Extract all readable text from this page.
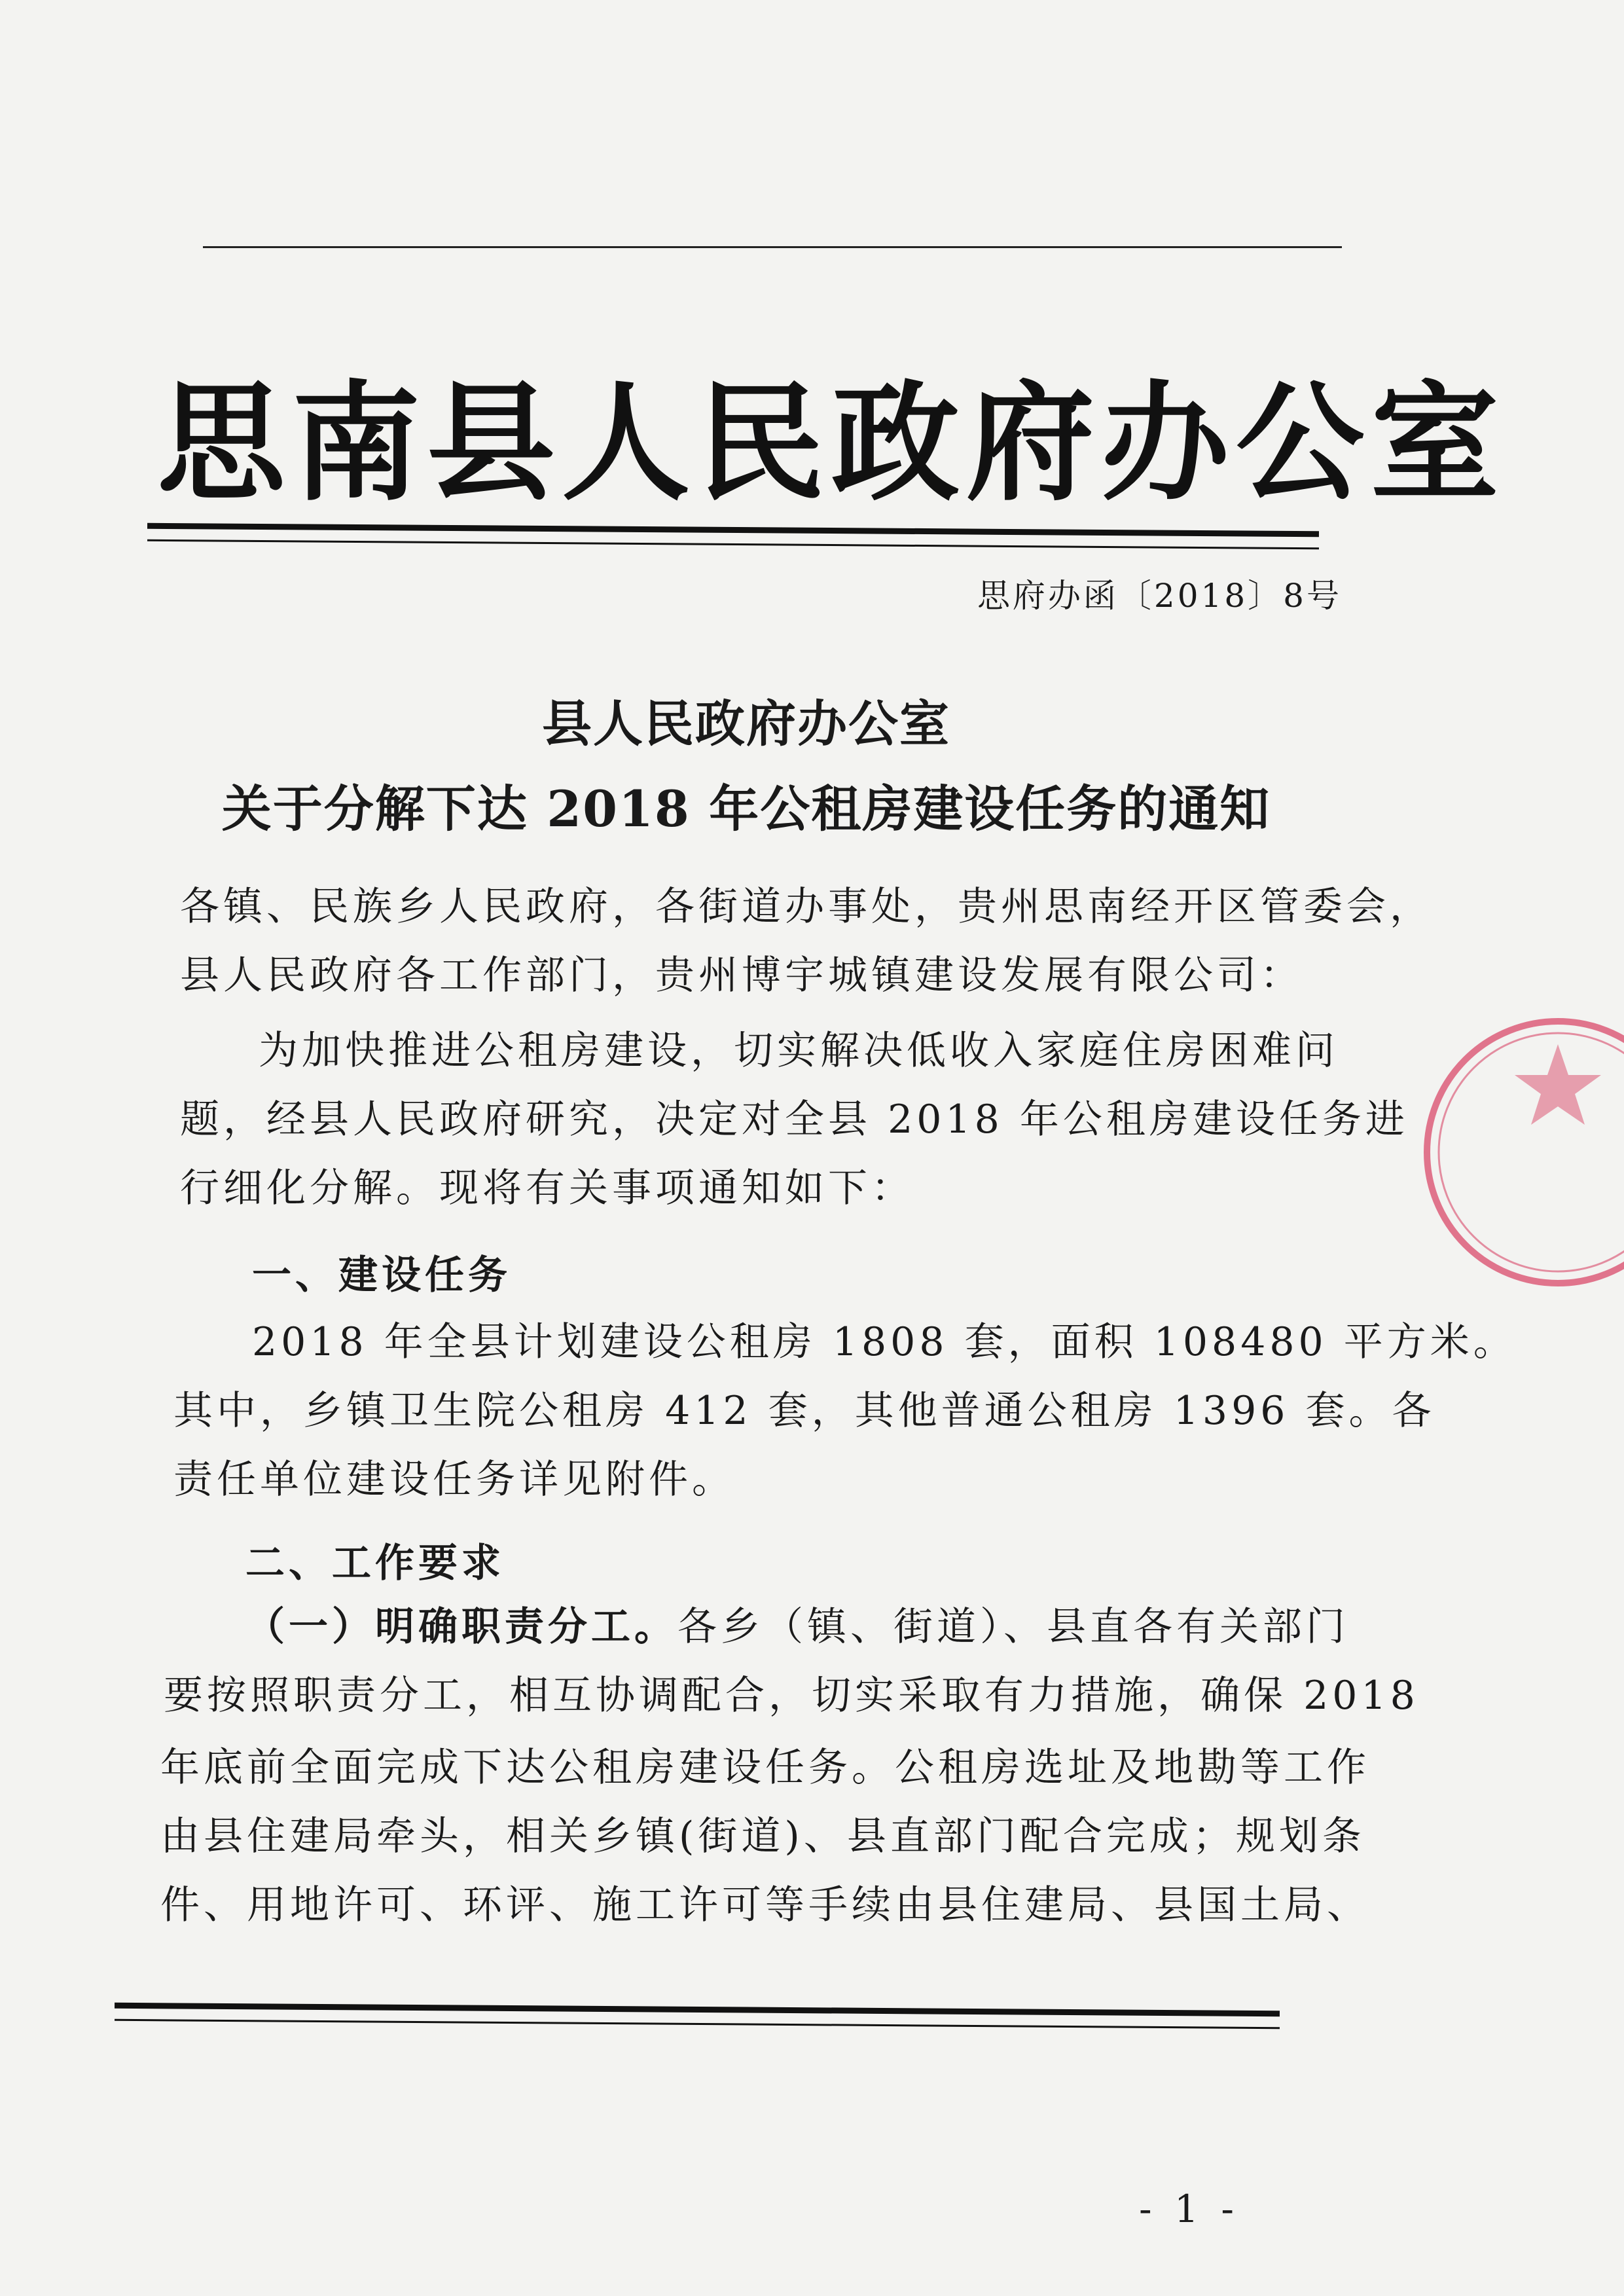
思南县人民政府办公室
思府办函〔2018〕8号
县人民政府办公室
关于分解下达 2018 年公租房建设任务的通知
各镇、民族乡人民政府，各街道办事处，贵州思南经开区管委会，
县人民政府各工作部门，贵州博宇城镇建设发展有限公司：
为加快推进公租房建设，切实解决低收入家庭住房困难问
题，经县人民政府研究，决定对全县 2018 年公租房建设任务进
行细化分解。现将有关事项通知如下：
一、建设任务
2018 年全县计划建设公租房 1808 套，面积 108480 平方米。
其中，乡镇卫生院公租房 412 套，其他普通公租房 1396 套。各
责任单位建设任务详见附件。
二、工作要求
（一）明确职责分工。各乡（镇、街道）、县直各有关部门
要按照职责分工，相互协调配合，切实采取有力措施，确保 2018
年底前全面完成下达公租房建设任务。公租房选址及地勘等工作
由县住建局牵头，相关乡镇(街道)、县直部门配合完成；规划条
件、用地许可、环评、施工许可等手续由县住建局、县国土局、
- 1 -
